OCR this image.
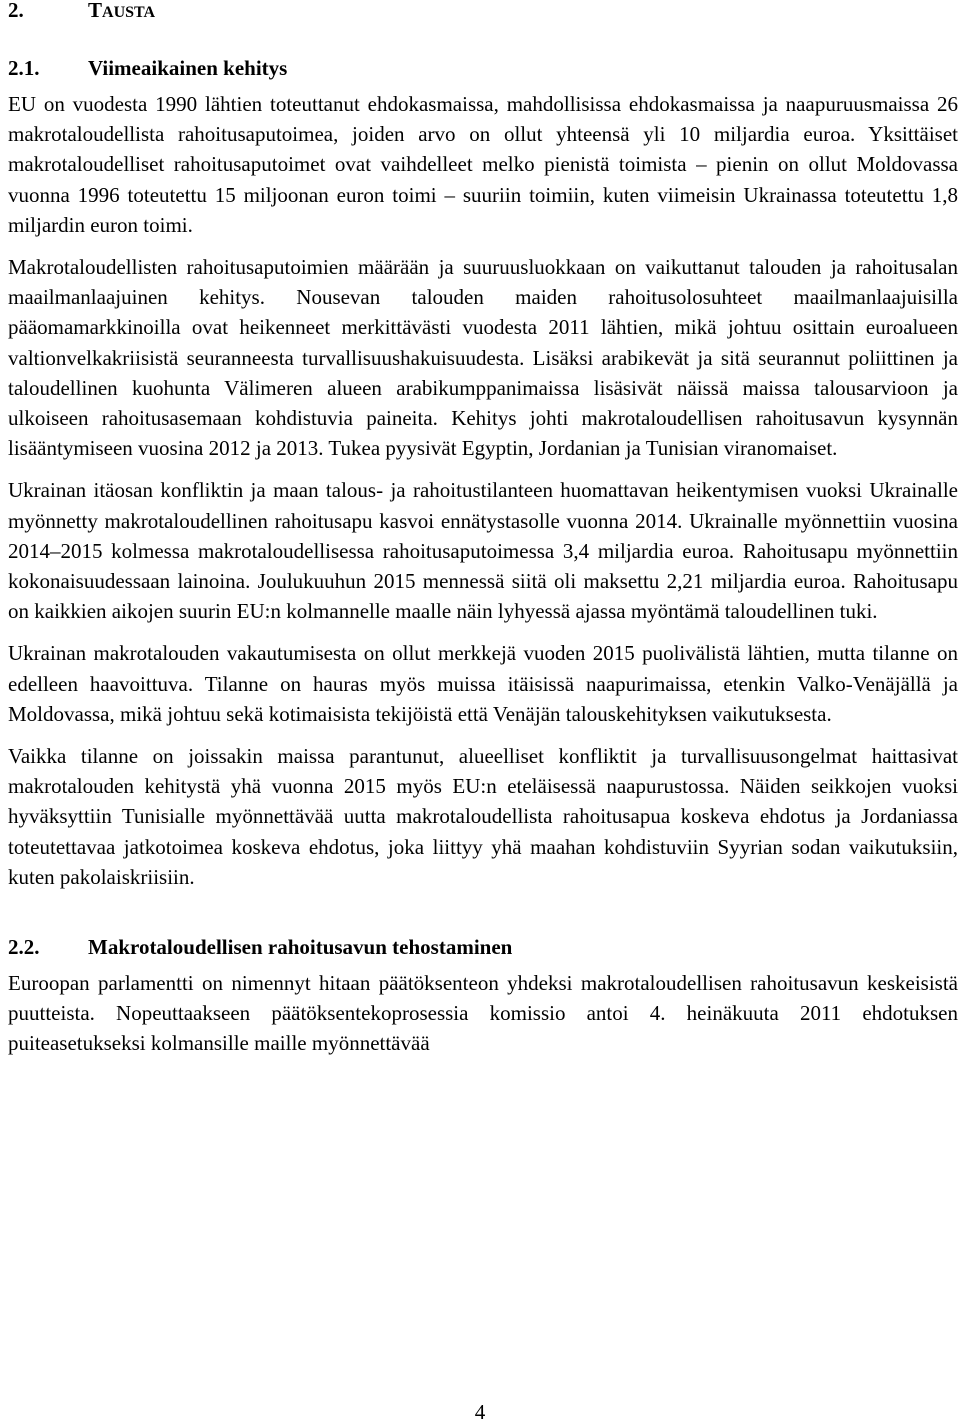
2.	TAUSTA
2.1. Viimeaikainen kehitys

EU on vuodesta 1990 lähtien toteuttanut ehdokasmaissa, mahdollisissa ehdokasmaissa ja naapuruusmaissa 26 makrotaloudellista rahoitusaputoimea, joiden arvo on ollut yhteensä yli 10 miljardia euroa. Yksittäiset makrotaloudelliset rahoitusaputoimet ovat vaihdelleet melko pienistä toimista – pienin on ollut Moldovassa vuonna 1996 toteutettu 15 miljoonan euron toimi – suuriin toimiin, kuten viimeisin Ukrainassa toteutettu 1,8 miljardin euron toimi.

Makrotaloudellisten rahoitusaputoimien määrään ja suuruusluokkaan on vaikuttanut talouden ja rahoitusalan maailmanlaajuinen kehitys. Nousevan talouden maiden rahoitusolosuhteet maailmanlaajuisilla pääomamarkkinoilla ovat heikenneet merkittävästi vuodesta 2011 lähtien, mikä johtuu osittain euroalueen valtionvelkakriisistä seuranneesta turvallisuushakuisuudesta. Lisäksi arabikevät ja sitä seurannut poliittinen ja taloudellinen kuohunta Välimeren alueen arabikumppanimaissa lisäsivät näissä maissa talousarvioon ja ulkoiseen rahoitusasemaan kohdistuvia paineita. Kehitys johti makrotaloudellisen rahoitusavun kysynnän lisääntymiseen vuosina 2012 ja 2013. Tukea pyysivät Egyptin, Jordanian ja Tunisian viranomaiset.

Ukrainan itäosan konfliktin ja maan talous- ja rahoitustilanteen huomattavan heikentymisen vuoksi Ukrainalle myönnetty makrotaloudellinen rahoitusapu kasvoi ennätystasolle vuonna 2014. Ukrainalle myönnettiin vuosina 2014–2015 kolmessa makrotaloudellisessa rahoitusaputoimessa 3,4 miljardia euroa. Rahoitusapu myönnettiin kokonaisuudessaan lainoina. Joulukuuhun 2015 mennessä siitä oli maksettu 2,21 miljardia euroa. Rahoitusapu on kaikkien aikojen suurin EU:n kolmannelle maalle näin lyhyessä ajassa myöntämä taloudellinen tuki.

Ukrainan makrotalouden vakautumisesta on ollut merkkejä vuoden 2015 puolivälistä lähtien, mutta tilanne on edelleen haavoittuva. Tilanne on hauras myös muissa itäisissä naapurimaissa, etenkin Valko-Venäjällä ja Moldovassa, mikä johtuu sekä kotimaisista tekijöistä että Venäjän talouskehityksen vaikutuksesta.

Vaikka tilanne on joissakin maissa parantunut, alueelliset konfliktit ja turvallisuusongelmat haittasivat makrotalouden kehitystä yhä vuonna 2015 myös EU:n eteläisessä naapurustossa. Näiden seikkojen vuoksi hyväksyttiin Tunisialle myönnettävää uutta makrotaloudellista rahoitusapua koskeva ehdotus ja Jordaniassa toteutettavaa jatkotoimea koskeva ehdotus, joka liittyy yhä maahan kohdistuviin Syyrian sodan vaikutuksiin, kuten pakolaiskriisiin.

2.2. Makrotaloudellisen rahoitusavun tehostaminen

Euroopan parlamentti on nimennyt hitaan päätöksenteon yhdeksi makrotaloudellisen rahoitusavun keskeisistä puutteista. Nopeuttaakseen päätöksentekoprosessia komissio antoi 4. heinäkuuta 2011 ehdotuksen puiteasetukseksi kolmansille maille myönnettävää

4
